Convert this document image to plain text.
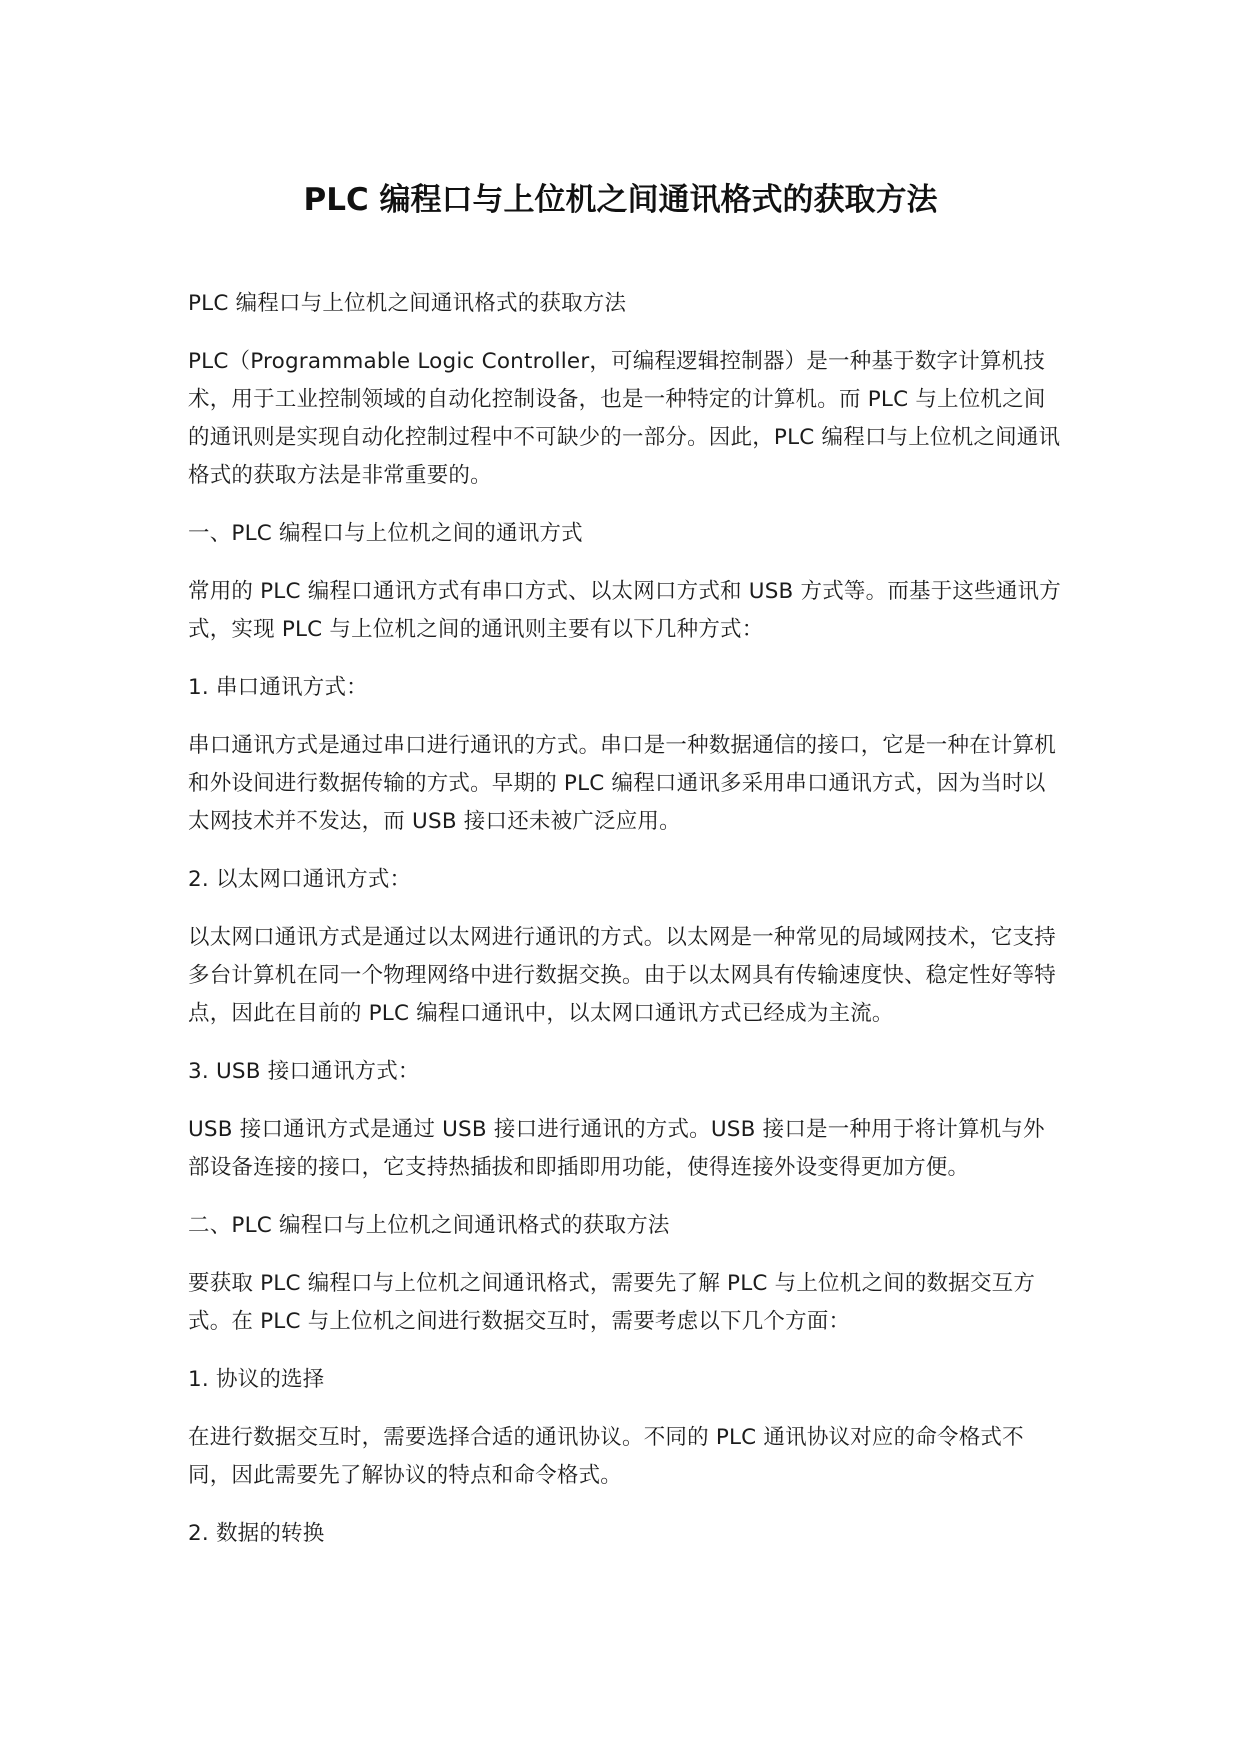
PLC 编程口与上位机之间通讯格式的获取方法

PLC 编程口与上位机之间通讯格式的获取方法

PLC（Programmable Logic Controller，可编程逻辑控制器）是一种基于数字计算机技术，用于工业控制领域的自动化控制设备，也是一种特定的计算机。而 PLC 与上位机之间的通讯则是实现自动化控制过程中不可缺少的一部分。因此，PLC 编程口与上位机之间通讯格式的获取方法是非常重要的。

一、PLC 编程口与上位机之间的通讯方式

常用的 PLC 编程口通讯方式有串口方式、以太网口方式和 USB 方式等。而基于这些通讯方式，实现 PLC 与上位机之间的通讯则主要有以下几种方式：

1. 串口通讯方式：

串口通讯方式是通过串口进行通讯的方式。串口是一种数据通信的接口，它是一种在计算机和外设间进行数据传输的方式。早期的 PLC 编程口通讯多采用串口通讯方式，因为当时以太网技术并不发达，而 USB 接口还未被广泛应用。

2. 以太网口通讯方式：

以太网口通讯方式是通过以太网进行通讯的方式。以太网是一种常见的局域网技术，它支持多台计算机在同一个物理网络中进行数据交换。由于以太网具有传输速度快、稳定性好等特点，因此在目前的 PLC 编程口通讯中，以太网口通讯方式已经成为主流。

3. USB 接口通讯方式：

USB 接口通讯方式是通过 USB 接口进行通讯的方式。USB 接口是一种用于将计算机与外部设备连接的接口，它支持热插拔和即插即用功能，使得连接外设变得更加方便。

二、PLC 编程口与上位机之间通讯格式的获取方法

要获取 PLC 编程口与上位机之间通讯格式，需要先了解 PLC 与上位机之间的数据交互方式。在 PLC 与上位机之间进行数据交互时，需要考虑以下几个方面：

1. 协议的选择

在进行数据交互时，需要选择合适的通讯协议。不同的 PLC 通讯协议对应的命令格式不同，因此需要先了解协议的特点和命令格式。

2. 数据的转换
